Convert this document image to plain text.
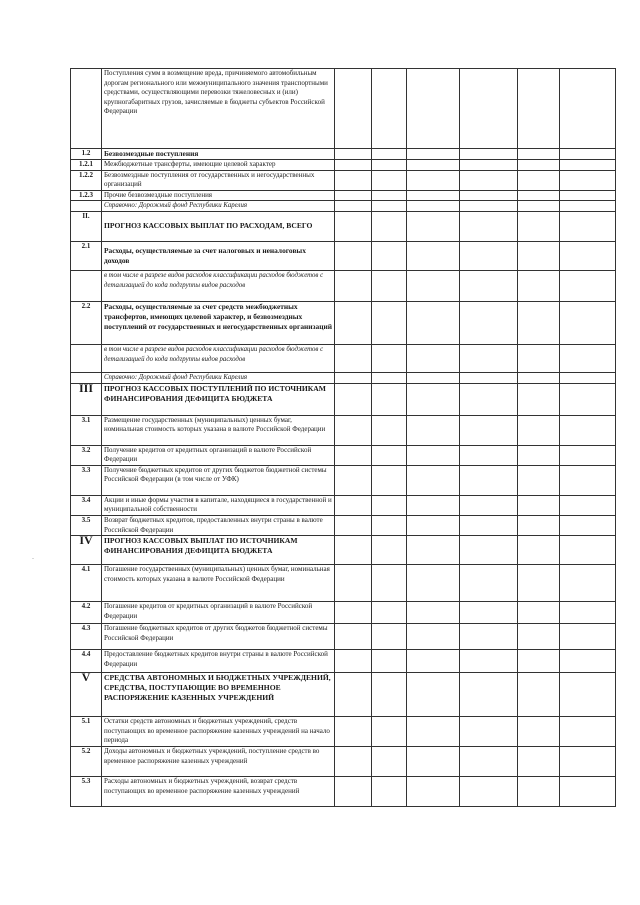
-
	Поступления сумм в возмещение вреда, причиняемого автомобильным дорогам регионального или межмуниципального значения транспортными средствами, осуществляющими перевозки тяжеловесных и (или) крупногабаритных грузов, зачисляемые в бюджеты субъектов Российской Федерации						
1.2	Безвозмездные поступления						
1.2.1	Межбюджетные трансферты, имеющие целевой характер						
1.2.2	Безвозмездные поступления от государственных и негосударственных организаций						
1.2.3	Прочие безвозмездные поступления						
	Справочно: Дорожный фонд Республики Карелия						
II.	ПРОГНОЗ КАССОВЫХ ВЫПЛАТ ПО РАСХОДАМ, ВСЕГО						
2.1	Расходы, осуществляемые за счет налоговых и неналоговых доходов						
	в том числе в разрезе видов расходов классификации расходов бюджетов с детализацией до кода подгруппы видов расходов						
2.2	Расходы, осуществляемые за счет средств межбюджетных трансфертов, имеющих целевой характер, и безвозмездных поступлений от государственных и негосударственных организаций						
	в том числе в разрезе видов расходов классификации расходов бюджетов с детализацией до кода подгруппы видов расходов						
	Справочно: Дорожный фонд Республики Карелия						
III	ПРОГНОЗ КАССОВЫХ ПОСТУПЛЕНИЙ ПО ИСТОЧНИКАМ ФИНАНСИРОВАНИЯ ДЕФИЦИТА БЮДЖЕТА						
3.1	Размещение государственных (муниципальных) ценных бумаг, номинальная стоимость которых указана в валюте Российской Федерации						
3.2	Получение кредитов от кредитных организаций в валюте Российской Федерации						
3.3	Получение бюджетных кредитов от других бюджетов бюджетной системы Российской Федерации (в том числе от УФК)						
3.4	Акции и иные формы участия в капитале, находящиеся в государственной и муниципальной собственности						
3.5	Возврат бюджетных кредитов, предоставленных внутри страны в валюте Российской Федерации						
IV	ПРОГНОЗ КАССОВЫХ ВЫПЛАТ ПО ИСТОЧНИКАМ ФИНАНСИРОВАНИЯ ДЕФИЦИТА БЮДЖЕТА						
4.1	Погашение государственных (муниципальных) ценных бумаг, номинальная стоимость которых указана в валюте Российской Федерации						
4.2	Погашение кредитов от кредитных организаций в валюте Российской Федерации						
4.3	Погашение бюджетных кредитов от других бюджетов бюджетной системы Российской Федерации						
4.4	Предоставление бюджетных кредитов внутри страны в валюте Российской Федерации						
V	СРЕДСТВА АВТОНОМНЫХ И БЮДЖЕТНЫХ УЧРЕЖДЕНИЙ, СРЕДСТВА, ПОСТУПАЮЩИЕ ВО ВРЕМЕННОЕ РАСПОРЯЖЕНИЕ КАЗЕННЫХ УЧРЕЖДЕНИЙ						
5.1	Остатки средств автономных и бюджетных учреждений, средств поступающих во временное распоряжение казенных учреждений на начало периода						
5.2	Доходы автономных и бюджетных учреждений, поступление средств во временное распоряжение казенных учреждений						
5.3	Расходы автономных и бюджетных учреждений, возврат средств поступающих во временное распоряжение казенных учреждений						
